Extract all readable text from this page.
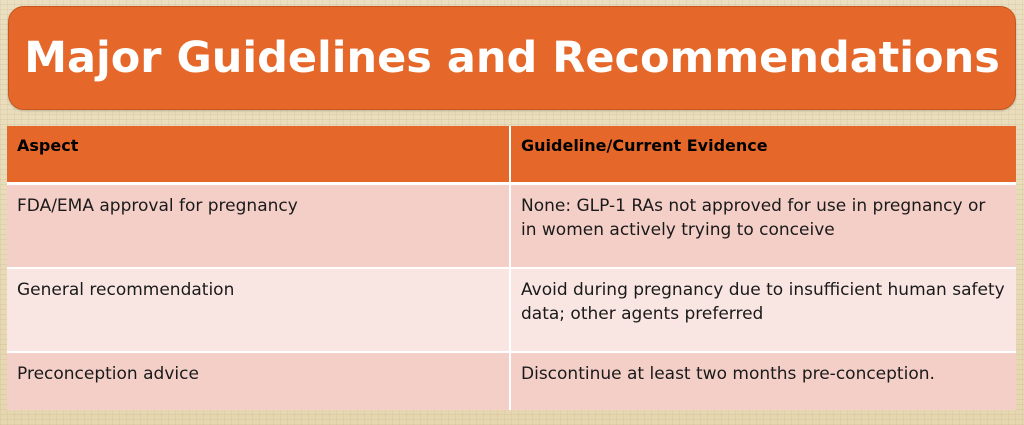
Major Guidelines and Recommendations
Aspect	Guideline/Current Evidence
FDA/EMA approval for pregnancy	None: GLP-1 RAs not approved for use in pregnancy or in women actively trying to conceive
General recommendation	Avoid during pregnancy due to insufficient human safety data; other agents preferred
Preconception advice	Discontinue at least two months pre-conception.
